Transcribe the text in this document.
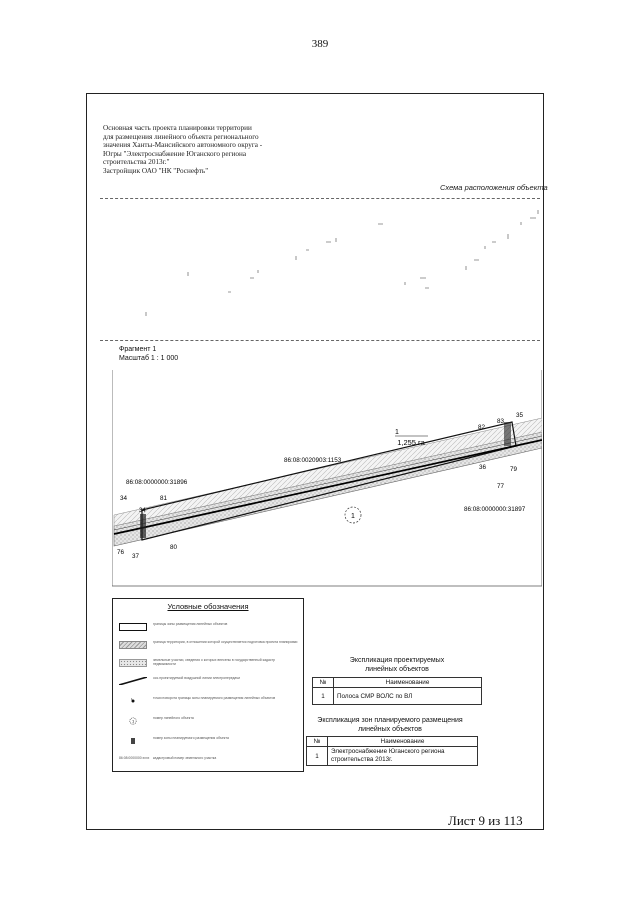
389
Основная часть проекта планировки территории
для размещения линейного объекта регионального
значения Ханты-Мансийского автономного округа -
Югры "Электроснабжение Юганского региона
строительства 2013г."
Застройщик ОАО "НК "Роснефть"
Схема расположения объекта
Фрагмент 1
Масштаб 1 : 1 000
1
1,255 га
86:08:0020903:1153
86:08:0000000:31896
86:08:0000000:31897
35
82
83
36	79
77
34	81
80
76
37
34
1
Условные обозначения
границы зоны размещения линейных объектов
граница территории, в отношении которой осуществляется подготовка проекта планировки
земельные участки, сведения о которых внесены в государственный кадастр недвижимости
ось проектируемой воздушной линии электропередачи
1	точки поворота границы зоны планируемого размещения линейных объектов
1
номер линейного объекта
номер зоны планируемого размещения объекта
86:08:0000000:xxxx кадастровый номер земельного участка
Экспликация проектируемых
линейных объектов
№	Наименование
1	Полоса СМР ВОЛС по ВЛ
Экспликация зон планируемого размещения
линейных объектов
№	Наименование
1	Электроснабжение Юганского региона строительства 2013г.
Лист 9 из 113
